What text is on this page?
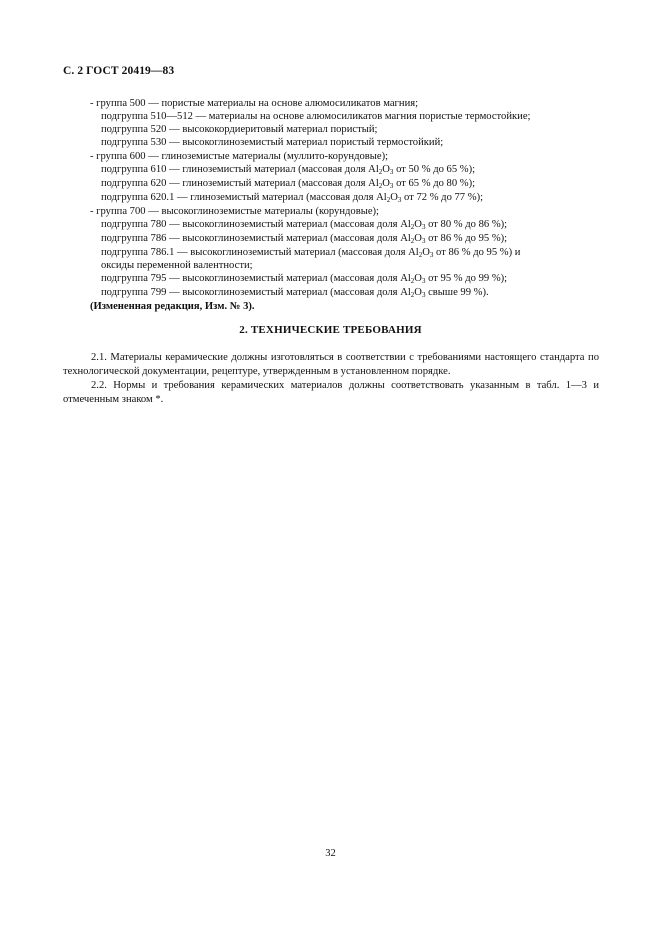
С. 2 ГОСТ 20419—83
- группа 500 — пористые материалы на основе алюмосиликатов магния;
подгруппа 510—512 — материалы на основе алюмосиликатов магния пористые термостойкие;
подгруппа 520 — высококордиеритовый материал пористый;
подгруппа 530 — высокоглиноземистый материал пористый термостойкий;
- группа 600 — глиноземистые материалы (муллито-корундовые);
подгруппа 610 — глиноземистый материал (массовая доля $Al_2O_3$ от 50 % до 65 %);
подгруппа 620 — глиноземистый материал (массовая доля $Al_2O_3$ от 65 % до 80 %);
подгруппа 620.1 — глиноземистый материал (массовая доля $Al_2O_3$ от 72 % до 77 %);
- группа 700 — высокоглиноземистые материалы (корундовые);
подгруппа 780 — высокоглиноземистый материал (массовая доля $Al_2O_3$ от 80 % до 86 %);
подгруппа 786 — высокоглиноземистый материал (массовая доля $Al_2O_3$ от 86 % до 95 %);
подгруппа 786.1 — высокоглиноземистый материал (массовая доля $Al_2O_3$ от 86 % до 95 %) и
оксиды переменной валентности;
подгруппа 795 — высокоглиноземистый материал (массовая доля $Al_2O_3$ от 95 % до 99 %);
подгруппа 799 — высокоглиноземистый материал (массовая доля $Al_2O_3$ свыше 99 %).
(Измененная редакция, Изм. № 3).
2. ТЕХНИЧЕСКИЕ ТРЕБОВАНИЯ
2.1. Материалы керамические должны изготовляться в соответствии с требованиями настоящего стандарта по технологической документации, рецептуре, утвержденным в установленном порядке.
2.2. Нормы и требования керамических материалов должны соответствовать указанным в табл. 1—3 и отмеченным знаком *.
32
